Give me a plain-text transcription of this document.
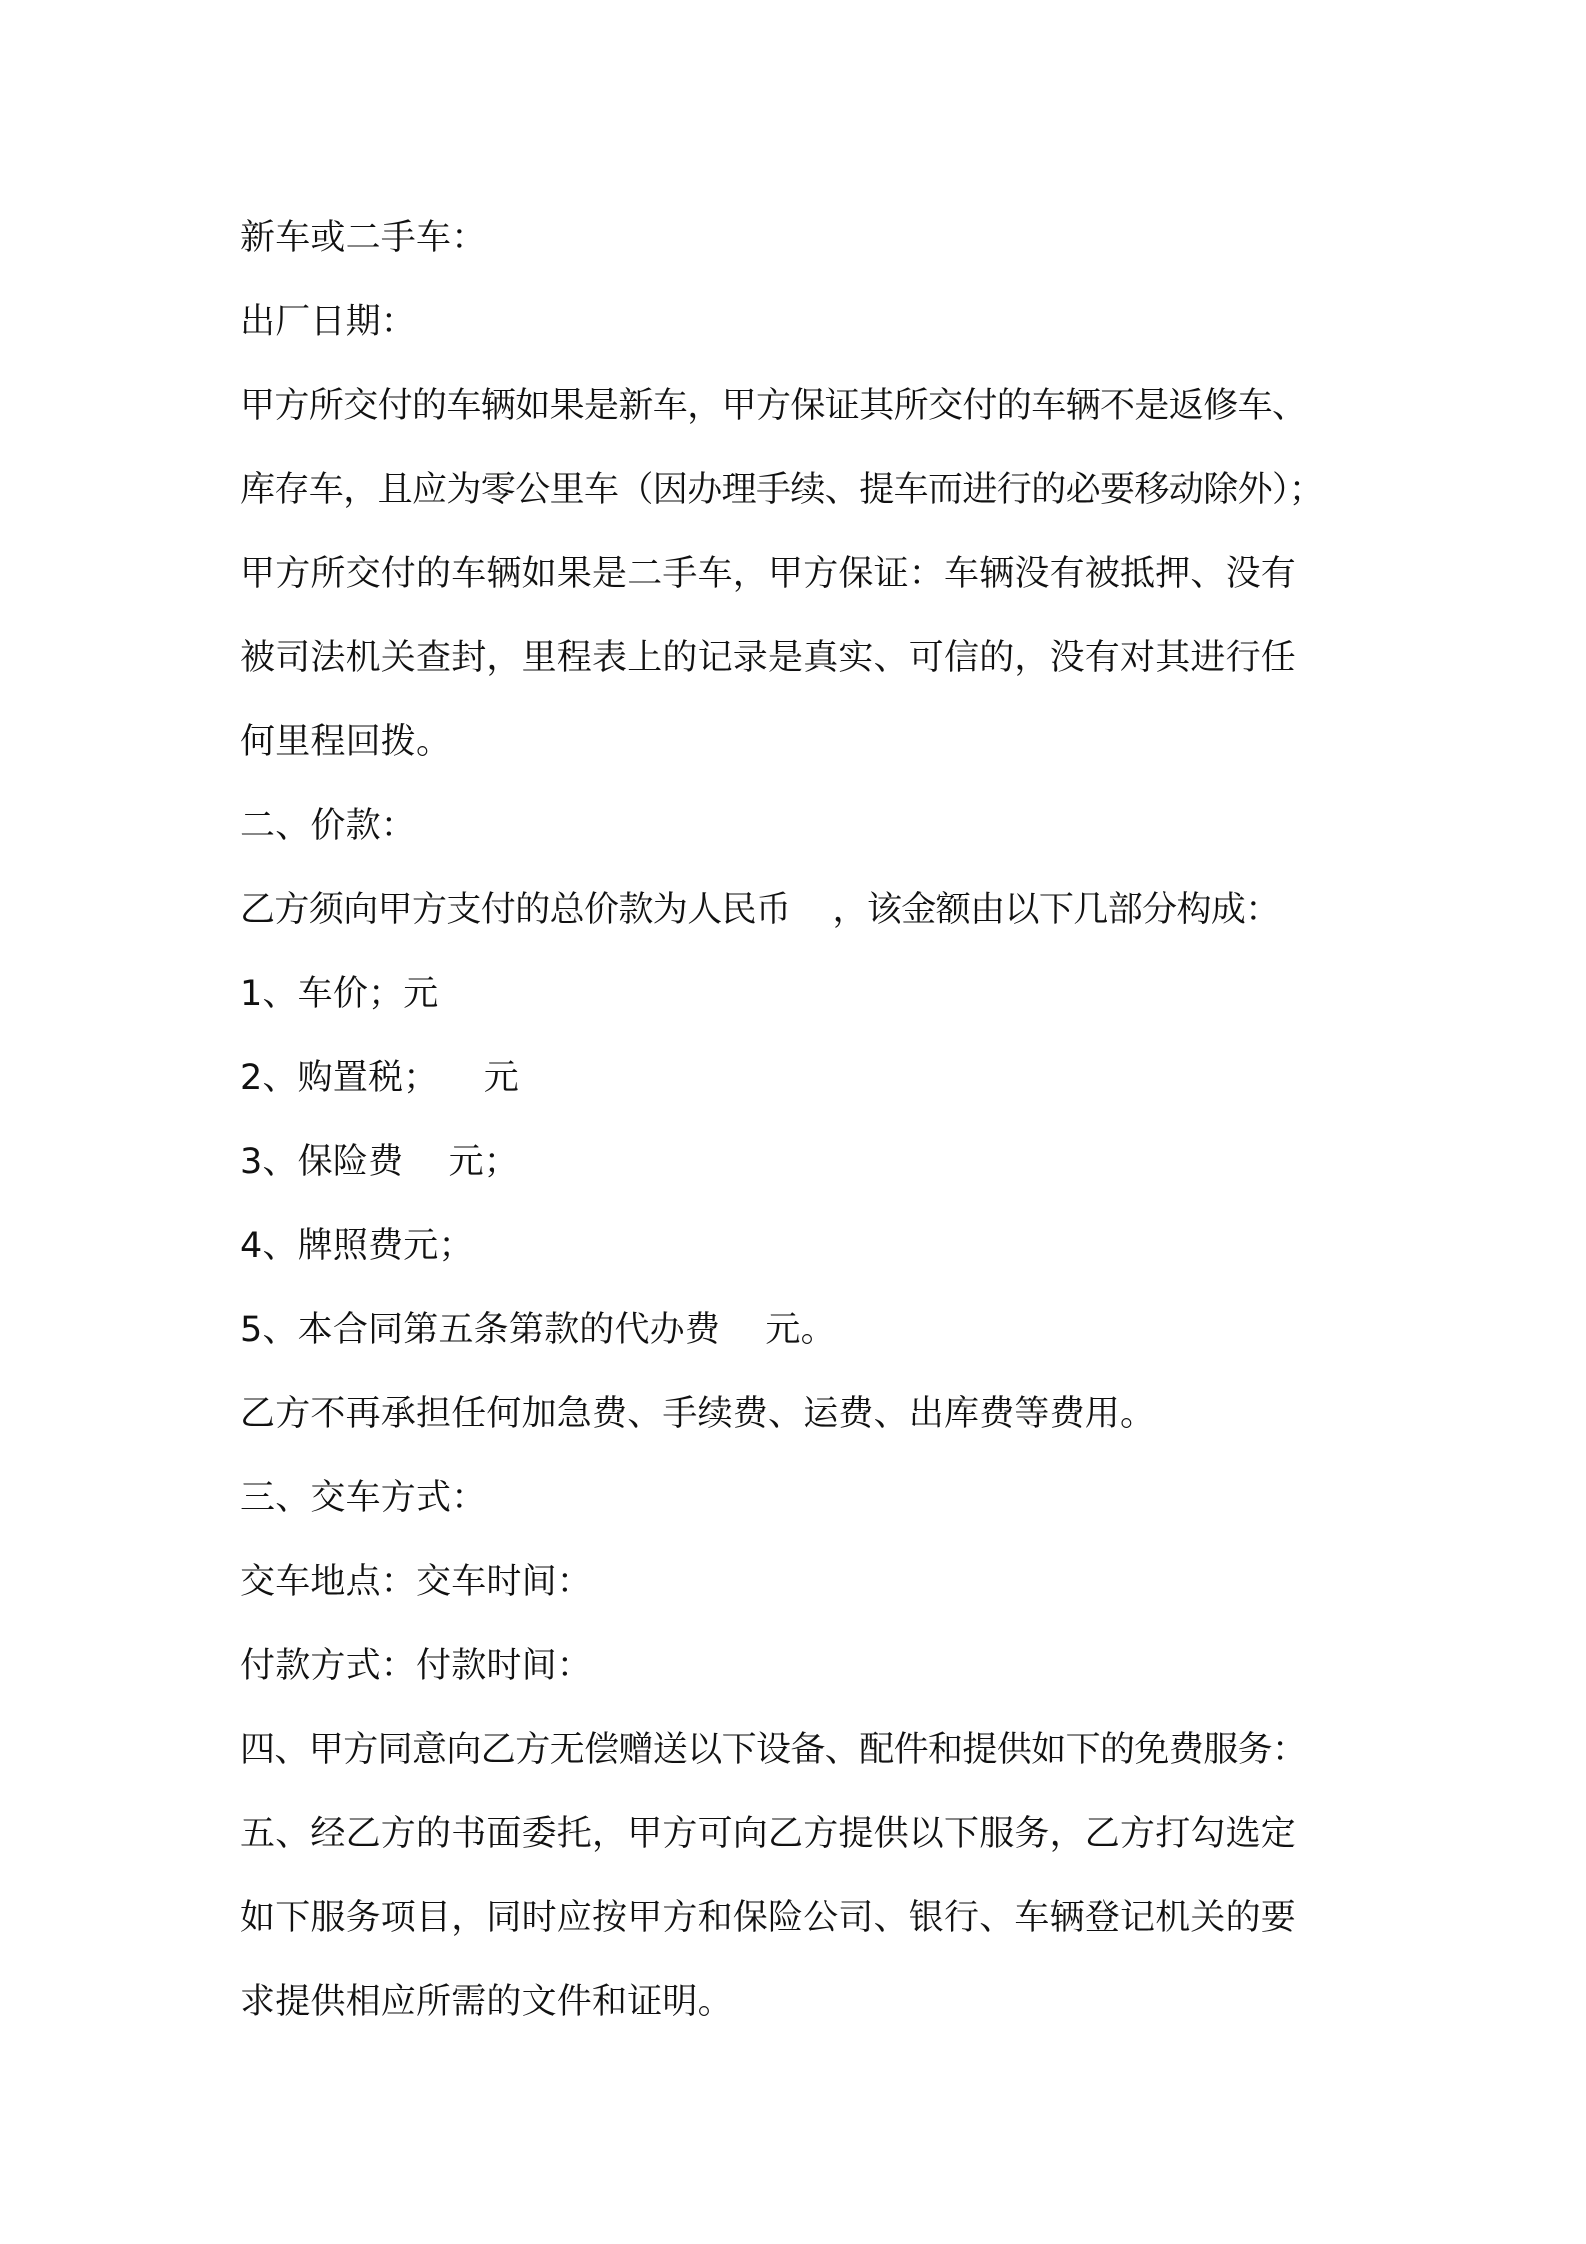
新车或二手车：
出厂日期：
甲方所交付的车辆如果是新车，甲方保证其所交付的车辆不是返修车、
库存车，且应为零公里车（因办理手续、提车而进行的必要移动除外）；
甲方所交付的车辆如果是二手车，甲方保证：车辆没有被抵押、没有
被司法机关查封，里程表上的记录是真实、可信的，没有对其进行任
何里程回拨。
二、价款：
乙方须向甲方支付的总价款为人民币    ，该金额由以下几部分构成：
1、车价；元
2、购置税；    元
3、保险费    元；
4、牌照费元；
5、本合同第五条第款的代办费    元。
乙方不再承担任何加急费、手续费、运费、出库费等费用。
三、交车方式：
交车地点：交车时间：
付款方式：付款时间：
四、甲方同意向乙方无偿赠送以下设备、配件和提供如下的免费服务：
五、经乙方的书面委托，甲方可向乙方提供以下服务，乙方打勾选定
如下服务项目，同时应按甲方和保险公司、银行、车辆登记机关的要
求提供相应所需的文件和证明。
